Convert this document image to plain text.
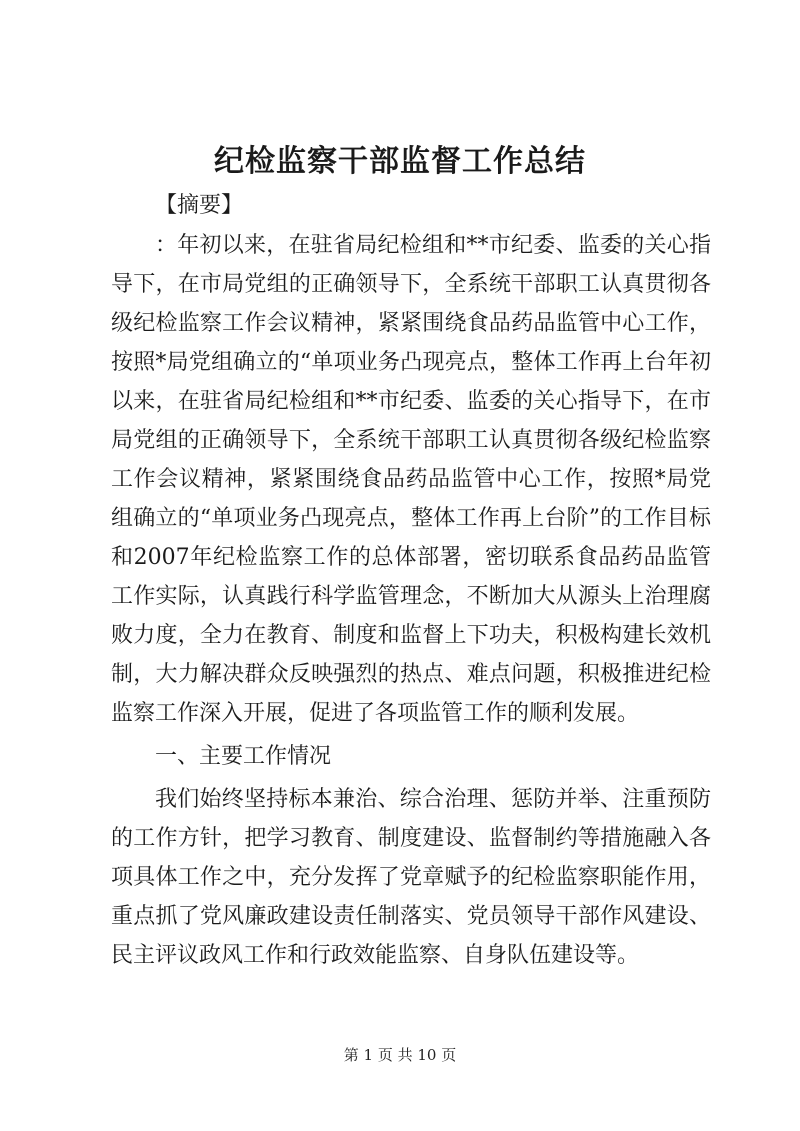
纪检监察干部监督工作总结

【摘要】

：年初以来，在驻省局纪检组和**市纪委、监委的关心指导下，在市局党组的正确领导下，全系统干部职工认真贯彻各级纪检监察工作会议精神，紧紧围绕食品药品监管中心工作，按照*局党组确立的“单项业务凸现亮点，整体工作再上台年初以来，在驻省局纪检组和**市纪委、监委的关心指导下，在市局党组的正确领导下，全系统干部职工认真贯彻各级纪检监察工作会议精神，紧紧围绕食品药品监管中心工作，按照*局党组确立的“单项业务凸现亮点，整体工作再上台阶”的工作目标和2007年纪检监察工作的总体部署，密切联系食品药品监管工作实际，认真践行科学监管理念，不断加大从源头上治理腐败力度，全力在教育、制度和监督上下功夫，积极构建长效机制，大力解决群众反映强烈的热点、难点问题，积极推进纪检监察工作深入开展，促进了各项监管工作的顺利发展。

一、主要工作情况

我们始终坚持标本兼治、综合治理、惩防并举、注重预防的工作方针，把学习教育、制度建设、监督制约等措施融入各项具体工作之中，充分发挥了党章赋予的纪检监察职能作用，重点抓了党风廉政建设责任制落实、党员领导干部作风建设、民主评议政风工作和行政效能监察、自身队伍建设等。

第 1 页 共 10 页
